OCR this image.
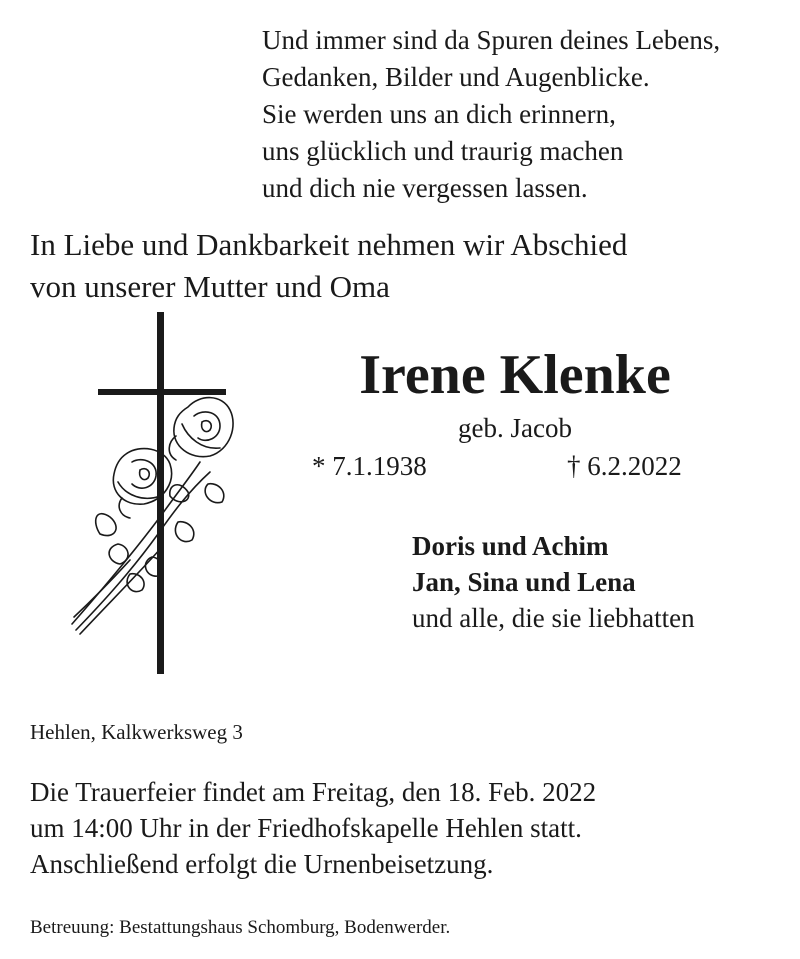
Und immer sind da Spuren deines Lebens,
Gedanken, Bilder und Augenblicke.
Sie werden uns an dich erinnern,
uns glücklich und traurig machen
und dich nie vergessen lassen.
In Liebe und Dankbarkeit nehmen wir Abschied
von unserer Mutter und Oma
Irene Klenke
geb. Jacob
* 7.1.1938	† 6.2.2022
Doris und Achim
Jan, Sina und Lena
und alle, die sie liebhatten
Hehlen, Kalkwerksweg 3
Die Trauerfeier findet am Freitag, den 18. Feb. 2022
um 14:00 Uhr in der Friedhofskapelle Hehlen statt.
Anschließend erfolgt die Urnenbeisetzung.
Betreuung: Bestattungshaus Schomburg, Bodenwerder.
